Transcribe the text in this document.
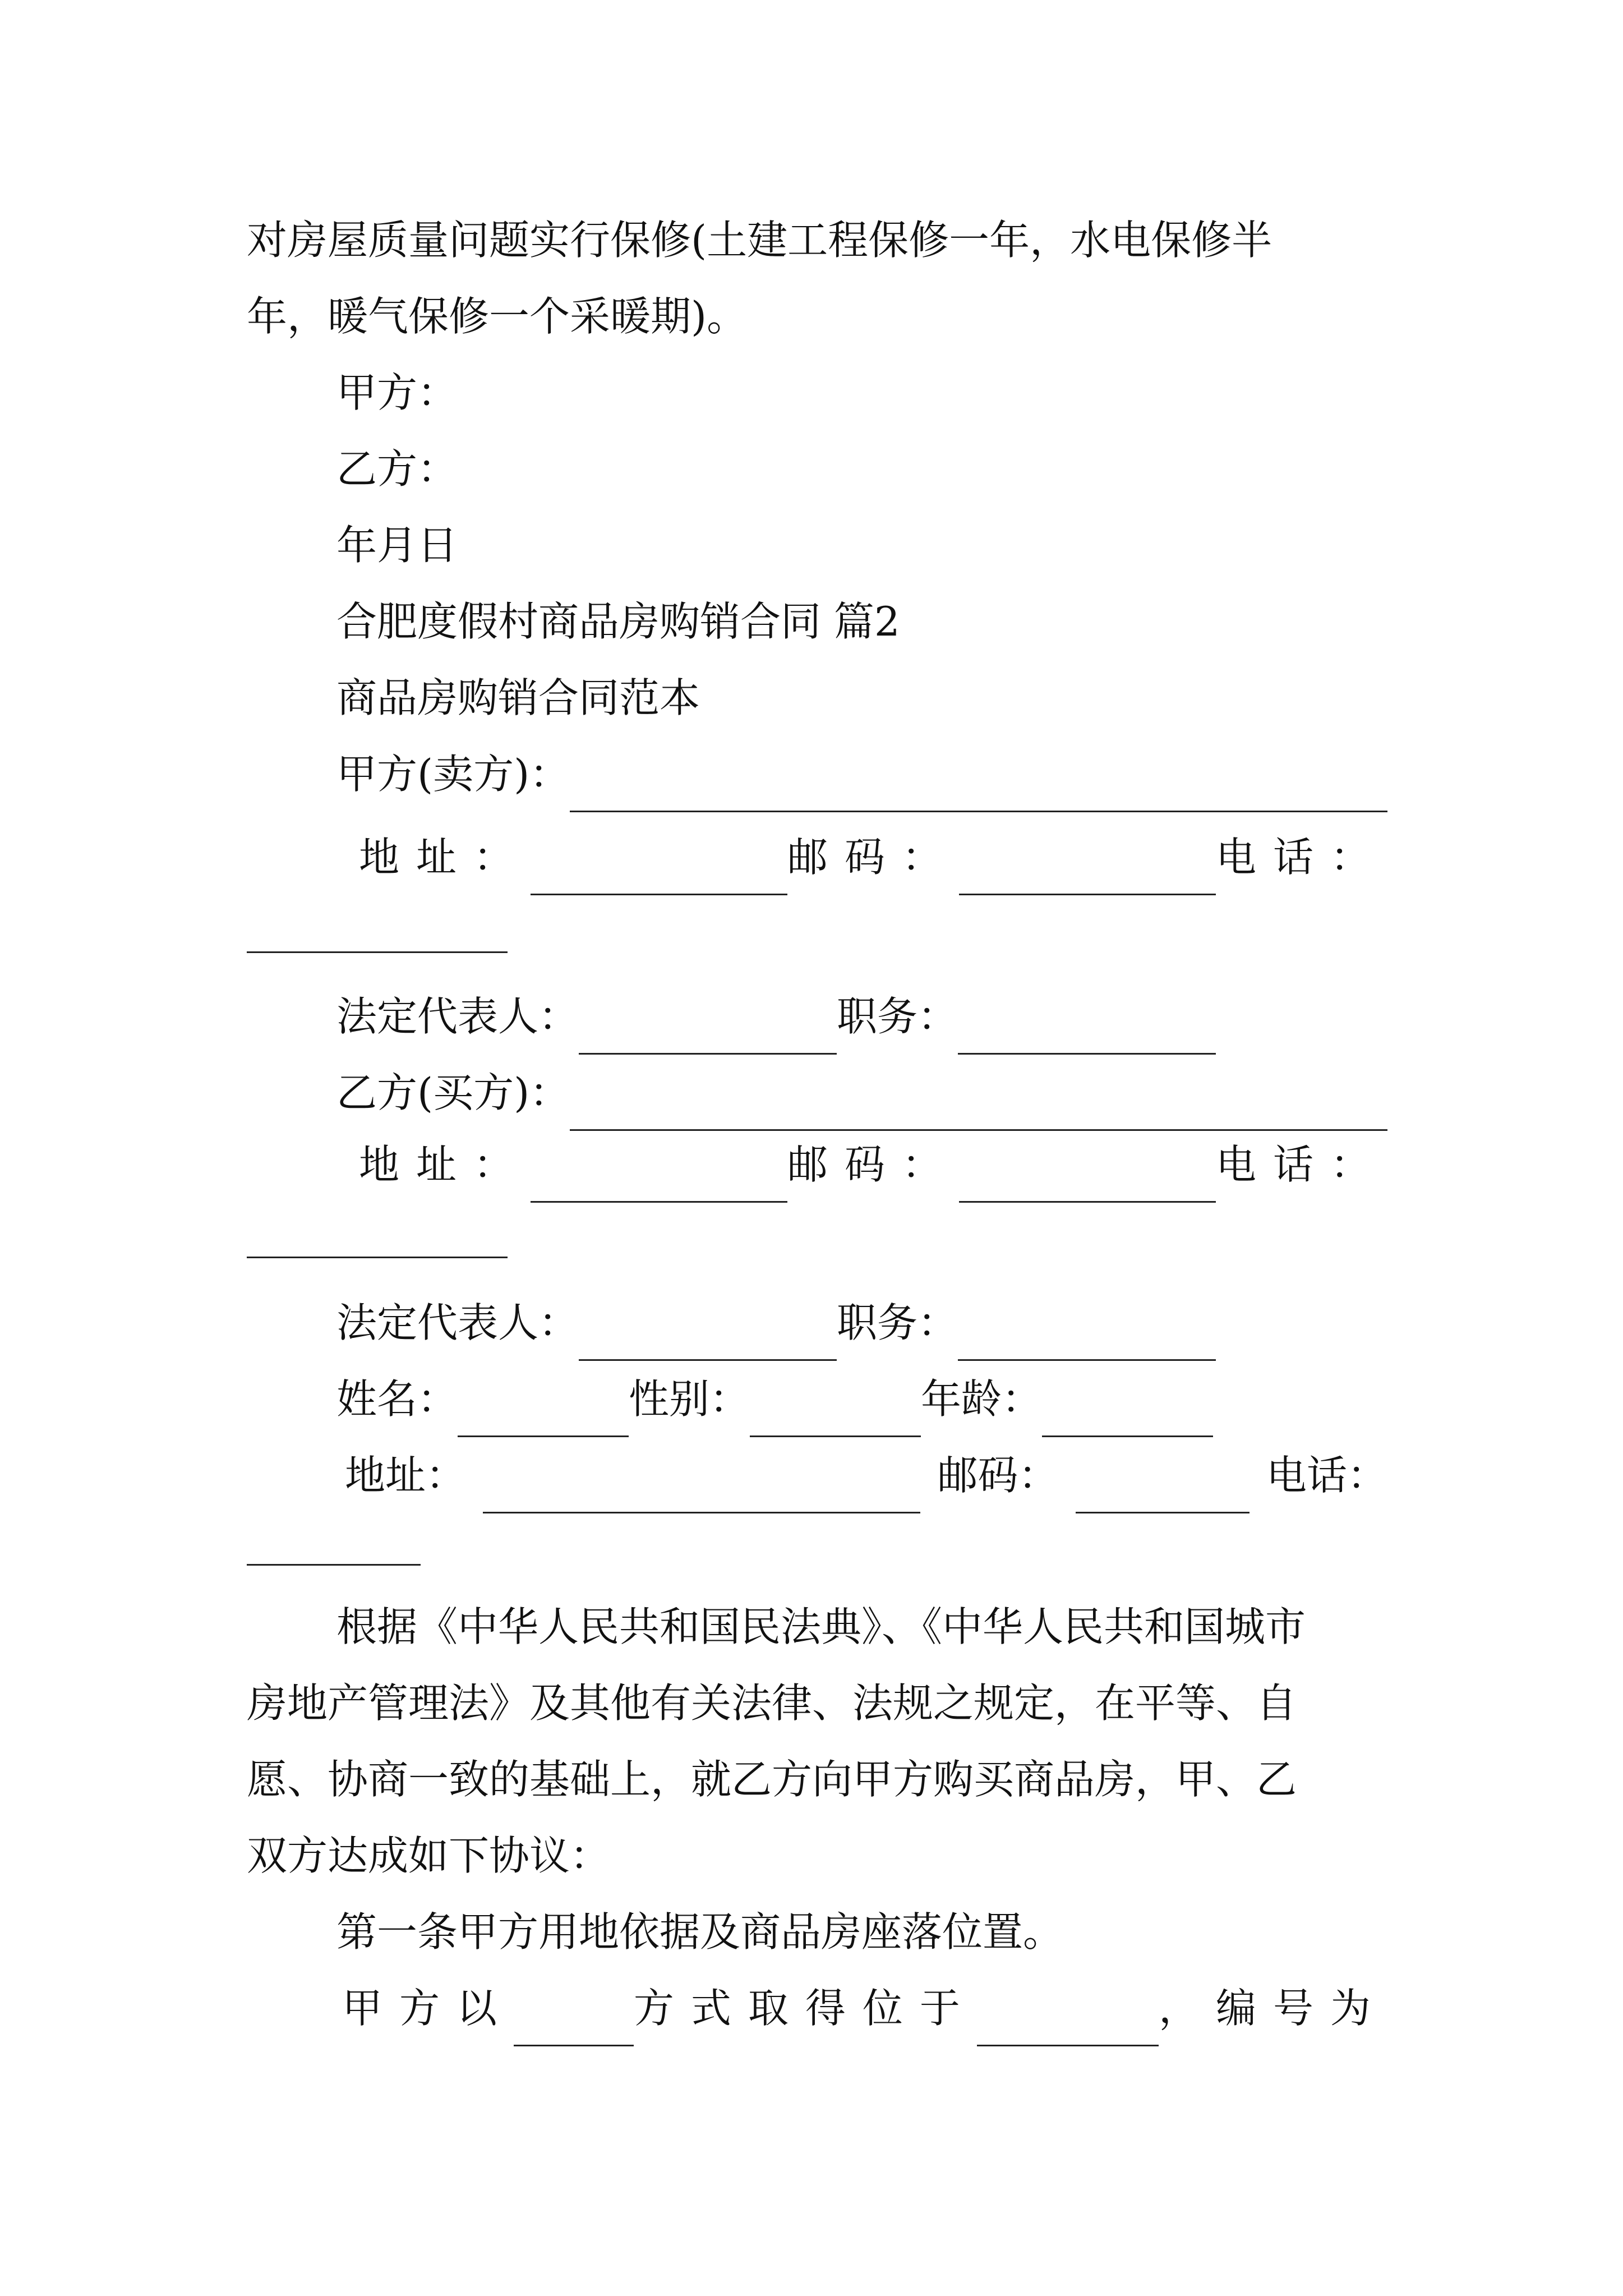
对房屋质量问题实行保修(土建工程保修一年，水电保修半
年，暖气保修一个采暖期)。
甲方：
乙方：
年月日
合肥度假村商品房购销合同 篇2
商品房购销合同范本
甲方(卖方)：
地址：	邮码：	电话：
法定代表人：	职务：
乙方(买方)：
地址：	邮码：	电话：
法定代表人：	职务：
姓名：	性别：	年龄：
地址：	邮码：	电话：
根据《中华人民共和国民法典》、《中华人民共和国城市
房地产管理法》及其他有关法律、法规之规定，在平等、自
愿、协商一致的基础上，就乙方向甲方购买商品房，甲、乙
双方达成如下协议：
第一条甲方用地依据及商品房座落位置。
甲方以	方式取得位于	，编号为
